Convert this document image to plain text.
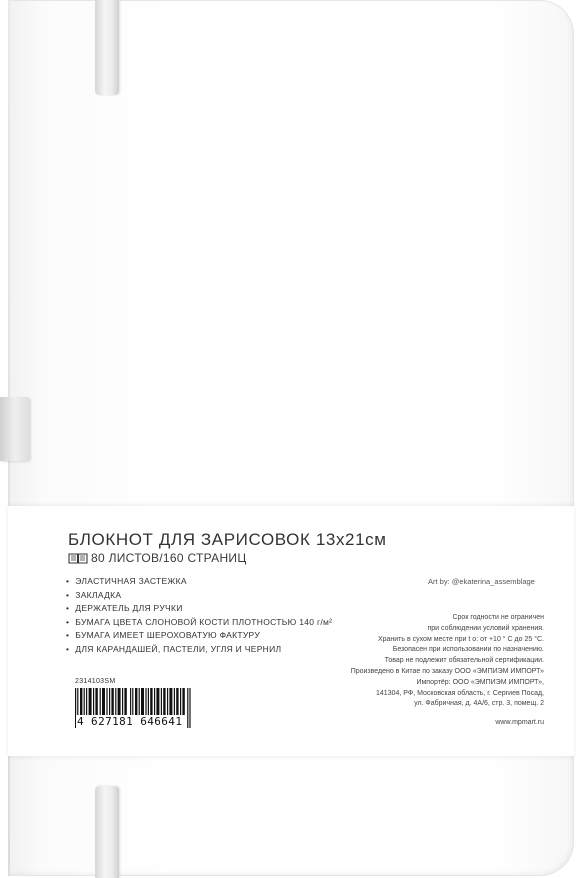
БЛОКНОТ ДЛЯ ЗАРИСОВОК 13x21см
80 ЛИСТОВ/160 СТРАНИЦ
• ЭЛАСТИЧНАЯ ЗАСТЕЖКА
• ЗАКЛАДКА
• ДЕРЖАТЕЛЬ ДЛЯ РУЧКИ
• БУМАГА ЦВЕТА СЛОНОВОЙ КОСТИ ПЛОТНОСТЬЮ 140 г/м²
• БУМАГА ИМЕЕТ ШЕРОХОВАТУЮ ФАКТУРУ
• ДЛЯ КАРАНДАШЕЙ, ПАСТЕЛИ, УГЛЯ И ЧЕРНИЛ
Art by: @ekaterina_assemblage
Срок годности не ограничен
при соблюдении условий хранения.
Хранить в сухом месте при t o: от +10 ° C до 25 °C.
Безопасен при использовании по назначению.
Товар не подлежит обязательной сертификации.
Произведено в Китае по заказу ООО «ЭМПИЭМ ИМПОРТ»
Импортёр: ООО «ЭМПИЭМ ИМПОРТ»,
141304, РФ, Московская область, г. Сергиев Посад,
ул. Фабричная, д. 4А/6, стр. 3, помещ. 2
www.mpmart.ru
2314103SM
4 627181 646641
